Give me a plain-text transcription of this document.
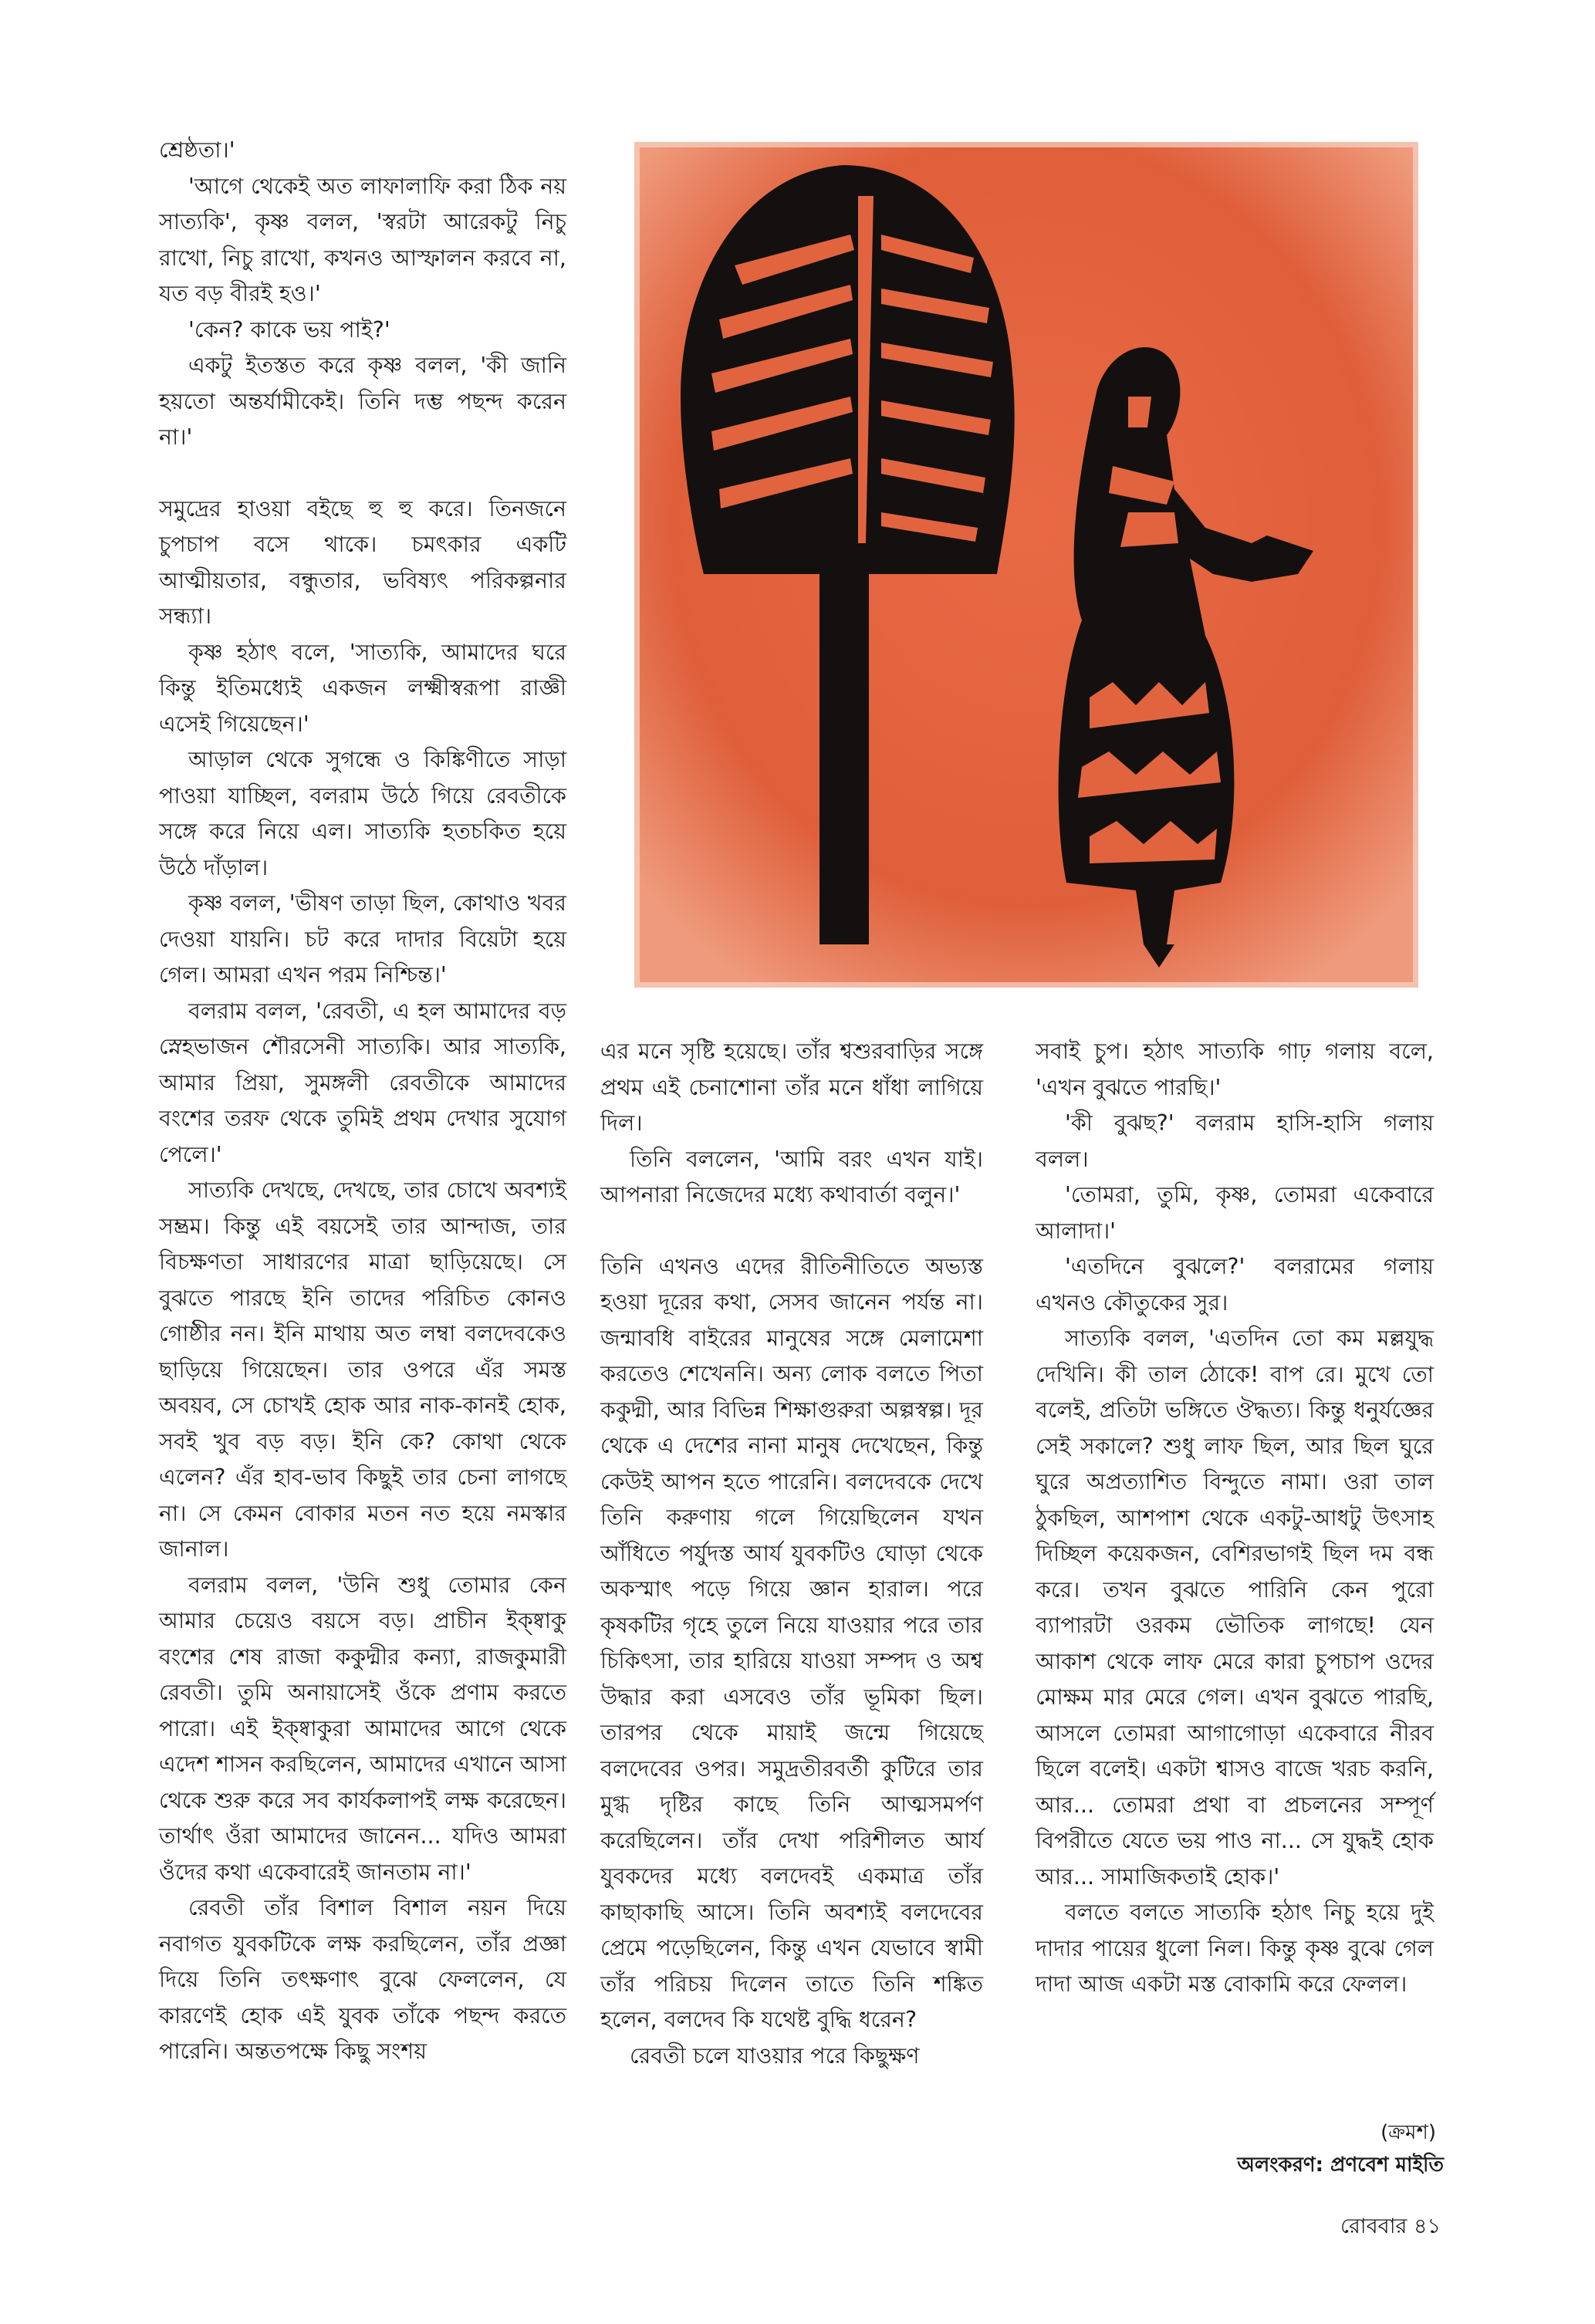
শ্রেষ্ঠতা।'

'আগে থেকেই অত লাফালাফি করা ঠিক নয় সাত্যকি', কৃষ্ণ বলল, 'স্বরটা আরেকটু নিচু রাখো, নিচু রাখো, কখনও আস্ফালন করবে না, যত বড় বীরই হও।'

'কেন? কাকে ভয় পাই?'

একটু ইতস্তত করে কৃষ্ণ বলল, 'কী জানি হয়তো অন্তর্যামীকেই। তিনি দম্ভ পছন্দ করেন না।'

সমুদ্রের হাওয়া বইছে হু হু করে। তিনজনে চুপচাপ বসে থাকে। চমৎকার একটি আত্মীয়তার, বন্ধুতার, ভবিষ্যৎ পরিকল্পনার সন্ধ্যা।

কৃষ্ণ হঠাৎ বলে, 'সাত্যকি, আমাদের ঘরে কিন্তু ইতিমধ্যেই একজন লক্ষ্মীস্বরূপা রাজ্ঞী এসেই গিয়েছেন।'

আড়াল থেকে সুগন্ধে ও কিঙ্কিণীতে সাড়া পাওয়া যাচ্ছিল, বলরাম উঠে গিয়ে রেবতীকে সঙ্গে করে নিয়ে এল। সাত্যকি হতচকিত হয়ে উঠে দাঁড়াল।

কৃষ্ণ বলল, 'ভীষণ তাড়া ছিল, কোথাও খবর দেওয়া যায়নি। চট করে দাদার বিয়েটা হয়ে গেল। আমরা এখন পরম নিশ্চিন্ত।'

বলরাম বলল, 'রেবতী, এ হল আমাদের বড় স্নেহভাজন শৌরসেনী সাত্যকি। আর সাত্যকি, আমার প্রিয়া, সুমঙ্গলী রেবতীকে আমাদের বংশের তরফ থেকে তুমিই প্রথম দেখার সুযোগ পেলে।'

সাত্যকি দেখছে, দেখছে, তার চোখে অবশ্যই সম্ভ্রম। কিন্তু এই বয়সেই তার আন্দাজ, তার বিচক্ষণতা সাধারণের মাত্রা ছাড়িয়েছে। সে বুঝতে পারছে ইনি তাদের পরিচিত কোনও গোষ্ঠীর নন। ইনি মাথায় অত লম্বা বলদেবকেও ছাড়িয়ে গিয়েছেন। তার ওপরে এঁর সমস্ত অবয়ব, সে চোখই হোক আর নাক-কানই হোক, সবই খুব বড় বড়। ইনি কে? কোথা থেকে এলেন? এঁর হাব-ভাব কিছুই তার চেনা লাগছে না। সে কেমন বোকার মতন নত হয়ে নমস্কার জানাল।

বলরাম বলল, 'উনি শুধু তোমার কেন আমার চেয়েও বয়সে বড়। প্রাচীন ইক্ষ্বাকু বংশের শেষ রাজা ককুদ্মীর কন্যা, রাজকুমারী রেবতী। তুমি অনায়াসেই ওঁকে প্রণাম করতে পারো। এই ইক্ষ্বাকুরা আমাদের আগে থেকে এদেশ শাসন করছিলেন, আমাদের এখানে আসা থেকে শুরু করে সব কার্যকলাপই লক্ষ করেছেন। তার্থাৎ ওঁরা আমাদের জানেন... যদিও আমরা ওঁদের কথা একেবারেই জানতাম না।'

রেবতী তাঁর বিশাল বিশাল নয়ন দিয়ে নবাগত যুবকটিকে লক্ষ করছিলেন, তাঁর প্রজ্ঞা দিয়ে তিনি তৎক্ষণাৎ বুঝে ফেললেন, যে কারণেই হোক এই যুবক তাঁকে পছন্দ করতে পারেনি। অন্ততপক্ষে কিছু সংশয়

এর মনে সৃষ্টি হয়েছে। তাঁর শ্বশুরবাড়ির সঙ্গে প্রথম এই চেনাশোনা তাঁর মনে ধাঁধা লাগিয়ে দিল।

তিনি বললেন, 'আমি বরং এখন যাই। আপনারা নিজেদের মধ্যে কথাবার্তা বলুন।'

তিনি এখনও এদের রীতিনীতিতে অভ্যস্ত হওয়া দূরের কথা, সেসব জানেন পর্যন্ত না। জন্মাবধি বাইরের মানুষের সঙ্গে মেলামেশা করতেও শেখেননি। অন্য লোক বলতে পিতা ককুদ্মী, আর বিভিন্ন শিক্ষাগুরুরা অল্পস্বল্প। দূর থেকে এ দেশের নানা মানুষ দেখেছেন, কিন্তু কেউই আপন হতে পারেনি। বলদেবকে দেখে তিনি করুণায় গলে গিয়েছিলেন যখন আঁধিতে পর্যুদস্ত আর্য যুবকটিও ঘোড়া থেকে অকস্মাৎ পড়ে গিয়ে জ্ঞান হারাল। পরে কৃষকটির গৃহে তুলে নিয়ে যাওয়ার পরে তার চিকিৎসা, তার হারিয়ে যাওয়া সম্পদ ও অশ্ব উদ্ধার করা এসবেও তাঁর ভূমিকা ছিল। তারপর থেকে মায়াই জন্মে গিয়েছে বলদেবের ওপর। সমুদ্রতীরবর্তী কুটিরে তার মুগ্ধ দৃষ্টির কাছে তিনি আত্মসমর্পণ করেছিলেন। তাঁর দেখা পরিশীলত আর্য যুবকদের মধ্যে বলদেবই একমাত্র তাঁর কাছাকাছি আসে। তিনি অবশ্যই বলদেবের প্রেমে পড়েছিলেন, কিন্তু এখন যেভাবে স্বামী তাঁর পরিচয় দিলেন তাতে তিনি শঙ্কিত হলেন, বলদেব কি যথেষ্ট বুদ্ধি ধরেন?

রেবতী চলে যাওয়ার পরে কিছুক্ষণ

সবাই চুপ। হঠাৎ সাত্যকি গাঢ় গলায় বলে, 'এখন বুঝতে পারছি।'

'কী বুঝছ?' বলরাম হাসি-হাসি গলায় বলল।

'তোমরা, তুমি, কৃষ্ণ, তোমরা একেবারে আলাদা।'

'এতদিনে বুঝলে?' বলরামের গলায় এখনও কৌতুকের সুর।

সাত্যকি বলল, 'এতদিন তো কম মল্লযুদ্ধ দেখিনি। কী তাল ঠোকে! বাপ রে। মুখে তো বলেই, প্রতিটা ভঙ্গিতে ঔদ্ধত্য। কিন্তু ধনুর্যজ্ঞের সেই সকালে? শুধু লাফ ছিল, আর ছিল ঘুরে ঘুরে অপ্রত্যাশিত বিন্দুতে নামা। ওরা তাল ঠুকছিল, আশপাশ থেকে একটু-আধটু উৎসাহ দিচ্ছিল কয়েকজন, বেশিরভাগই ছিল দম বন্ধ করে। তখন বুঝতে পারিনি কেন পুরো ব্যাপারটা ওরকম ভৌতিক লাগছে! যেন আকাশ থেকে লাফ মেরে কারা চুপচাপ ওদের মোক্ষম মার মেরে গেল। এখন বুঝতে পারছি, আসলে তোমরা আগাগোড়া একেবারে নীরব ছিলে বলেই। একটা শ্বাসও বাজে খরচ করনি, আর... তোমরা প্রথা বা প্রচলনের সম্পূর্ণ বিপরীতে যেতে ভয় পাও না... সে যুদ্ধই হোক আর... সামাজিকতাই হোক।'

বলতে বলতে সাত্যকি হঠাৎ নিচু হয়ে দুই দাদার পায়ের ধুলো নিল। কিন্তু কৃষ্ণ বুঝে গেল দাদা আজ একটা মস্ত বোকামি করে ফেলল।

(ক্রমশ)
অলংকরণ: প্রণবেশ মাইতি
রোববার ৪১
